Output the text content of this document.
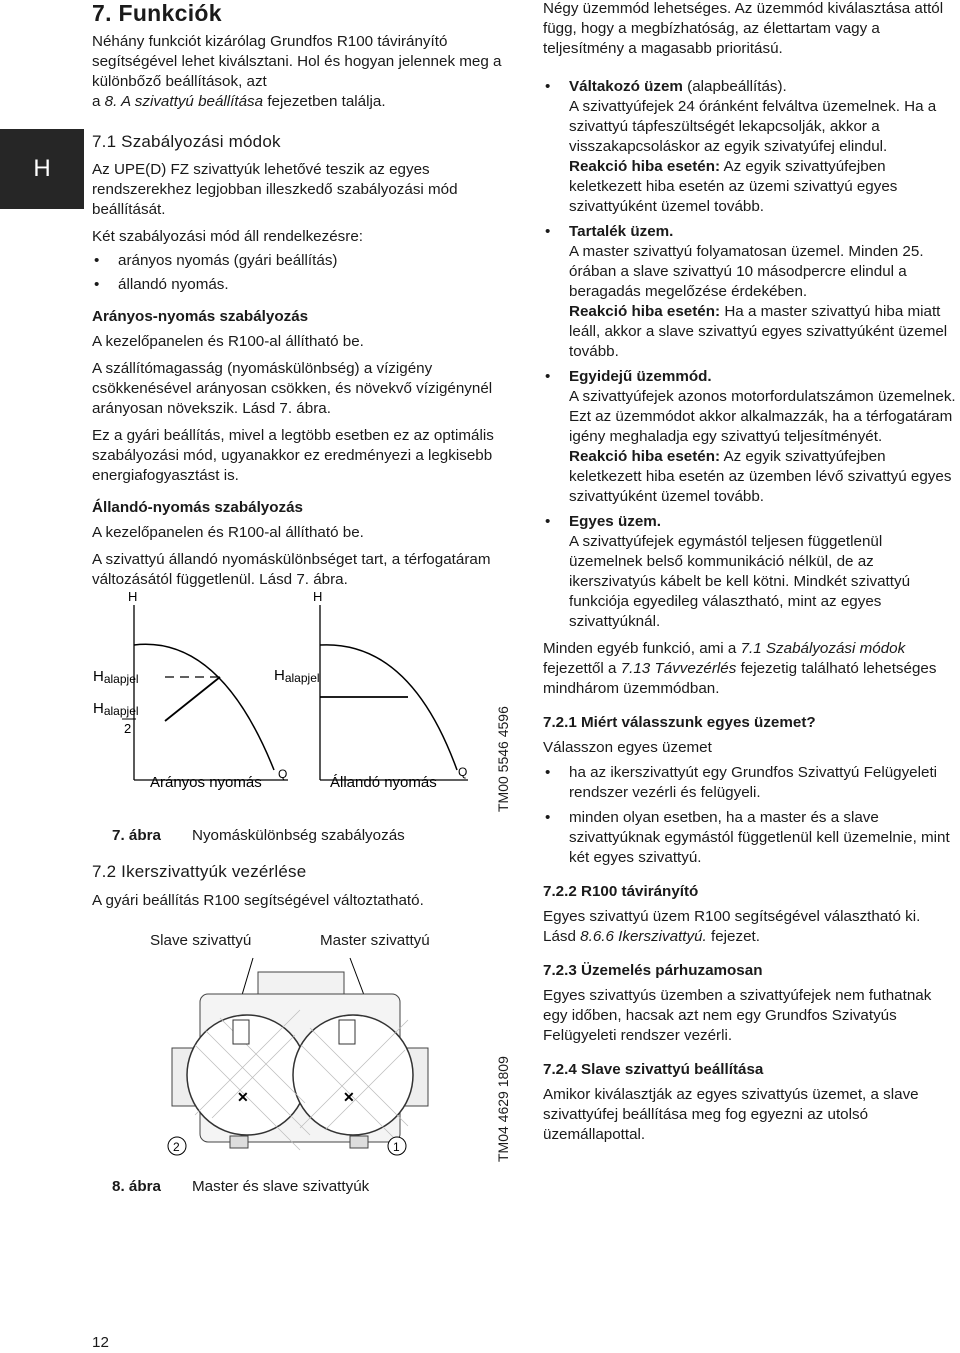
H
7. Funkciók

Néhány funkciót kizárólag Grundfos R100 távirányító segítségével lehet kiválsztani. Hol és hogyan jelennek meg a különbőző beállítások, azt
a 8. A szivattyú beállítása fejezetben találja.

7.1 Szabályozási módok

Az UPE(D) FZ szivattyúk lehetővé teszik az egyes rendszerekhez legjobban illeszkedő szabályozási mód beállítását.

Két szabályozási mód áll rendelkezésre:

• arányos nyomás (gyári beállítás)

• állandó nyomás.

Arányos-nyomás szabályozás

A kezelőpanelen és R100-al állítható be.

A szállítómagasság (nyomáskülönbség) a vízigény csökkenésével arányosan csökken, és növekvő vízigénynél arányosan növekszik. Lásd 7. ábra.

Ez a gyári beállítás, mivel a legtöbb esetben ez az optimális szabályozási mód, ugyanakkor ez eredményezi a legkisebb energiafogyasztást is.

Állandó-nyomás szabályozás

A kezelőpanelen és R100-al állítható be.

A szivattyú állandó nyomáskülönbséget tart, a térfogatáram változásától függetlenül. Lásd 7. ábra.

H
Halapjel
Halapjel
2
Q
Arányos nyomás
H
Halapjel
Q
Állandó nyomás	TM00 5546 4596
7. ábra Nyomáskülönbség szabályozás
7.2 Ikerszivattyúk vezérlése
A gyári beállítás R100 segítségével változtatható.
Slave szivattyú	Master szivattyú
✕	✕
2	1	TM04 4629 1809
8. ábra Master és slave szivattyúk
12

Négy üzemmód lehetséges. Az üzemmód kiválasztása attól függ, hogy a megbízhatóság, az élettartam vagy a teljesítmény a magasabb prioritású.

• Váltakozó üzem (alapbeállítás).
A szivattyúfejek 24 óránként felváltva üzemelnek. Ha a szivattyú tápfeszültségét lekapcsolják, akkor a visszakapcsoláskor az egyik szivatyúfej elindul.
Reakció hiba esetén: Az egyik szivattyúfejben keletkezett hiba esetén az üzemi szivattyú egyes szivattyúként üzemel tovább.
• Tartalék üzem.
A master szivattyú folyamatosan üzemel. Minden 25. órában a slave szivattyú 10 másodpercre elindul a beragadás megelőzése érdekében.
Reakció hiba esetén: Ha a master szivattyú hiba miatt leáll, akkor a slave szivattyú egyes szivattyúként üzemel tovább.
• Egyidejű üzemmód.
A szivattyúfejek azonos motorfordulatszámon üzemelnek. Ezt az üzemmódot akkor alkalmazzák, ha a térfogatáram igény meghaladja egy szivattyú teljesítményét.
Reakció hiba esetén: Az egyik szivattyúfejben keletkezett hiba esetén az üzemben lévő szivattyú egyes szivattyúként üzemel tovább.
• Egyes üzem.
A szivattyúfejek egymástól teljesen függetlenül üzemelnek belső kommunikáció nélkül, de az ikerszivatyús kábelt be kell kötni. Mindkét szivattyú funkciója egyedileg választható, mint az egyes szivattyúknál.

Minden egyéb funkció, ami a 7.1 Szabályozási módok fejezettől a 7.13 Távvezérlés fejezetig található lehetséges mindhárom üzemmódban.

7.2.1 Miért válasszunk egyes üzemet?

Válasszon egyes üzemet

• ha az ikerszivattyút egy Grundfos Szivattyú Felügyeleti rendszer vezérli és felügyeli.

• minden olyan esetben, ha a master és a slave szivattyúknak egymástól függetlenül kell üzemelnie, mint két egyes szivattyú.

7.2.2 R100 távirányító

Egyes szivattyú üzem R100 segítségével választható ki. Lásd 8.6.6 Ikerszivattyú. fejezet.

7.2.3 Üzemelés párhuzamosan

Egyes szivattyús üzemben a szivattyúfejek nem futhatnak egy időben, hacsak azt nem egy Grundfos Szivatyús Felügyeleti rendszer vezérli.

7.2.4 Slave szivattyú beállítása

Amikor kiválasztják az egyes szivattyús üzemet, a slave szivattyúfej beállítása meg fog egyezni az utolsó üzemállapottal.
